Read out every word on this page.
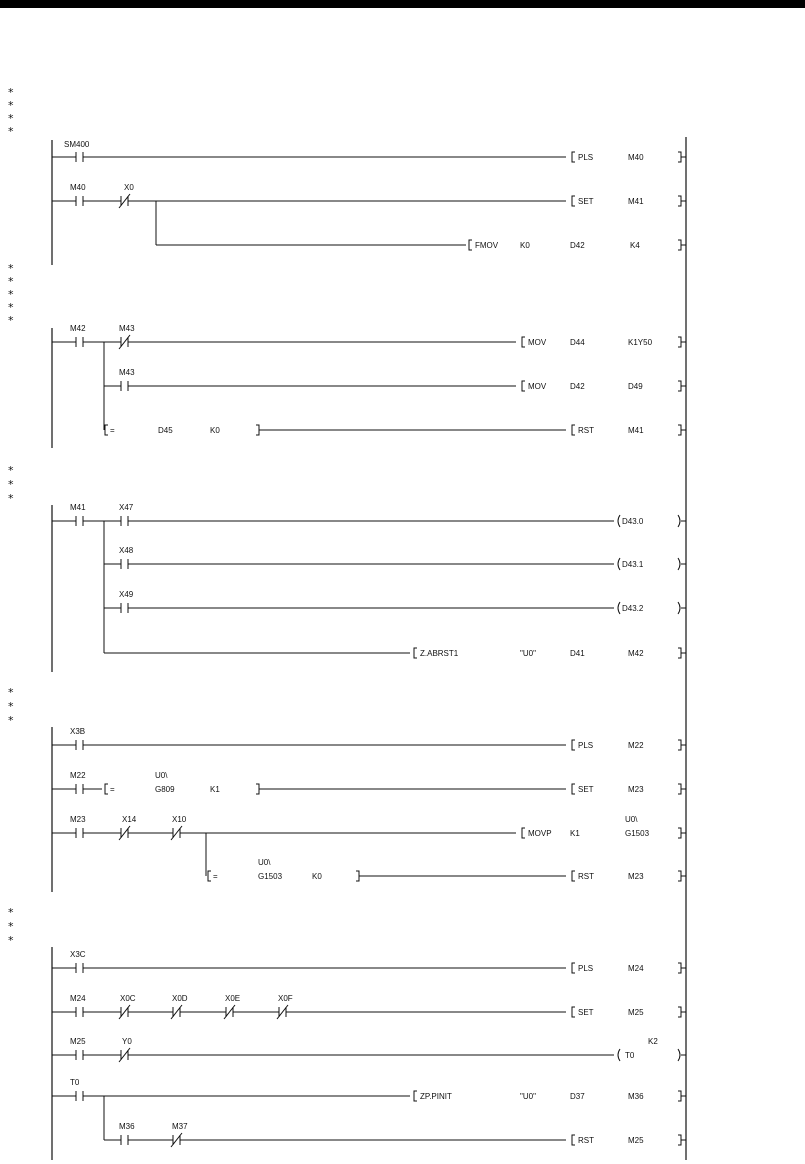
*
*
*
*
*
*
*
*
*
*
*
*
*
*
*
*
*
*
SM400
PLS	M40
M40	X0
SET	M41
FMOV	K0	D42	K4
M42	M43
MOV	D44	K1Y50
M43
MOV	D42	D49
=	D45	K0	RST	M41
M41	X47
D43.0
X48
D43.1
X49
D43.2
Z.ABRST1	"U0"	D41	M42
X3B
PLS	M22
M22
=
U0\
G809	K1	SET	M23
M23	X14	X10
MOVP K1
U0\
G1503
=
U0\
G1503	K0	RST	M23
X3C
PLS	M24
M24	X0C	X0D	X0E	X0F
SET	M25
M25	Y0
T0
K2
T0
ZP.PINIT	"U0"	D37	M36
M36	M37
RST	M25
